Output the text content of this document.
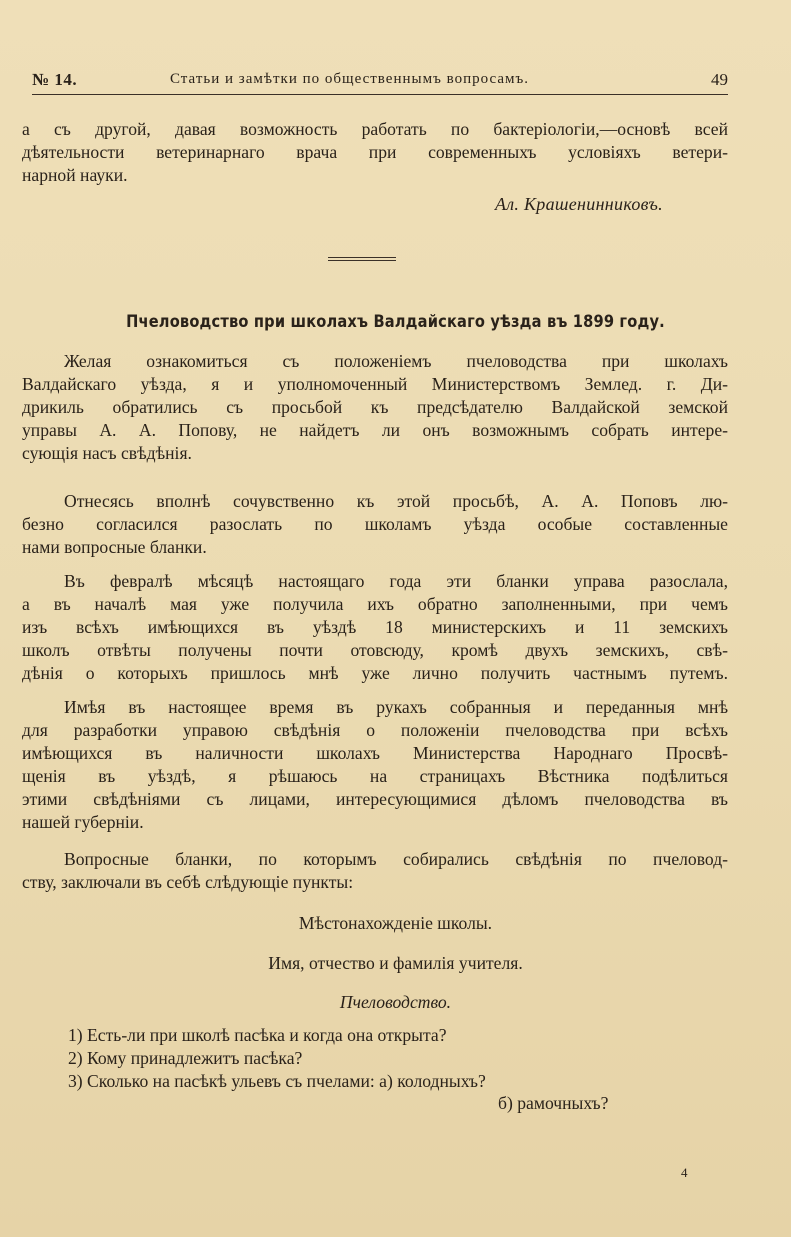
№ 14.	Статьи и замѣтки по общественнымъ вопросамъ.	49
а съ другой, давая возможность работать по бактеріологіи,—основѣ всей
дѣятельности ветеринарнаго врача при современныхъ условіяхъ ветери-
нарной науки.
Ал. Крашенинниковъ.
Пчеловодство при школахъ Валдайскаго уѣзда въ 1899 году.
Желая ознакомиться съ положеніемъ пчеловодства при школахъ
Валдайскаго уѣзда, я и уполномоченный Министерствомъ Землед. г. Ди-
дрикиль обратились съ просьбой къ предсѣдателю Валдайской земской
управы А. А. Попову, не найдетъ ли онъ возможнымъ собрать интере-
сующія насъ свѣдѣнія.
Отнесясь вполнѣ сочувственно къ этой просьбѣ, А. А. Поповъ лю-
безно согласился разослать по школамъ уѣзда особые составленные
нами вопросные бланки.
Въ февралѣ мѣсяцѣ настоящаго года эти бланки управа разослала,
а въ началѣ мая уже получила ихъ обратно заполненными, при чемъ
изъ всѣхъ имѣющихся въ уѣздѣ 18 министерскихъ и 11 земскихъ
школъ отвѣты получены почти отовсюду, кромѣ двухъ земскихъ, свѣ-
дѣнія о которыхъ пришлось мнѣ уже лично получить частнымъ путемъ.
Имѣя въ настоящее время въ рукахъ собранныя и переданныя мнѣ
для разработки управою свѣдѣнія о положеніи пчеловодства при всѣхъ
имѣющихся въ наличности школахъ Министерства Народнаго Просвѣ-
щенія въ уѣздѣ, я рѣшаюсь на страницахъ Вѣстника подѣлиться
этими свѣдѣніями съ лицами, интересующимися дѣломъ пчеловодства въ
нашей губерніи.
Вопросные бланки, по которымъ собирались свѣдѣнія по пчеловод-
ству, заключали въ себѣ слѣдующіе пункты:
Мѣстонахожденіе школы.
Имя, отчество и фамилія учителя.
Пчеловодство.
1) Есть-ли при школѣ пасѣка и когда она открыта?
2) Кому принадлежитъ пасѣка?
3) Сколько на пасѣкѣ ульевъ съ пчелами: а) колодныхъ?
б) рамочныхъ?
4
